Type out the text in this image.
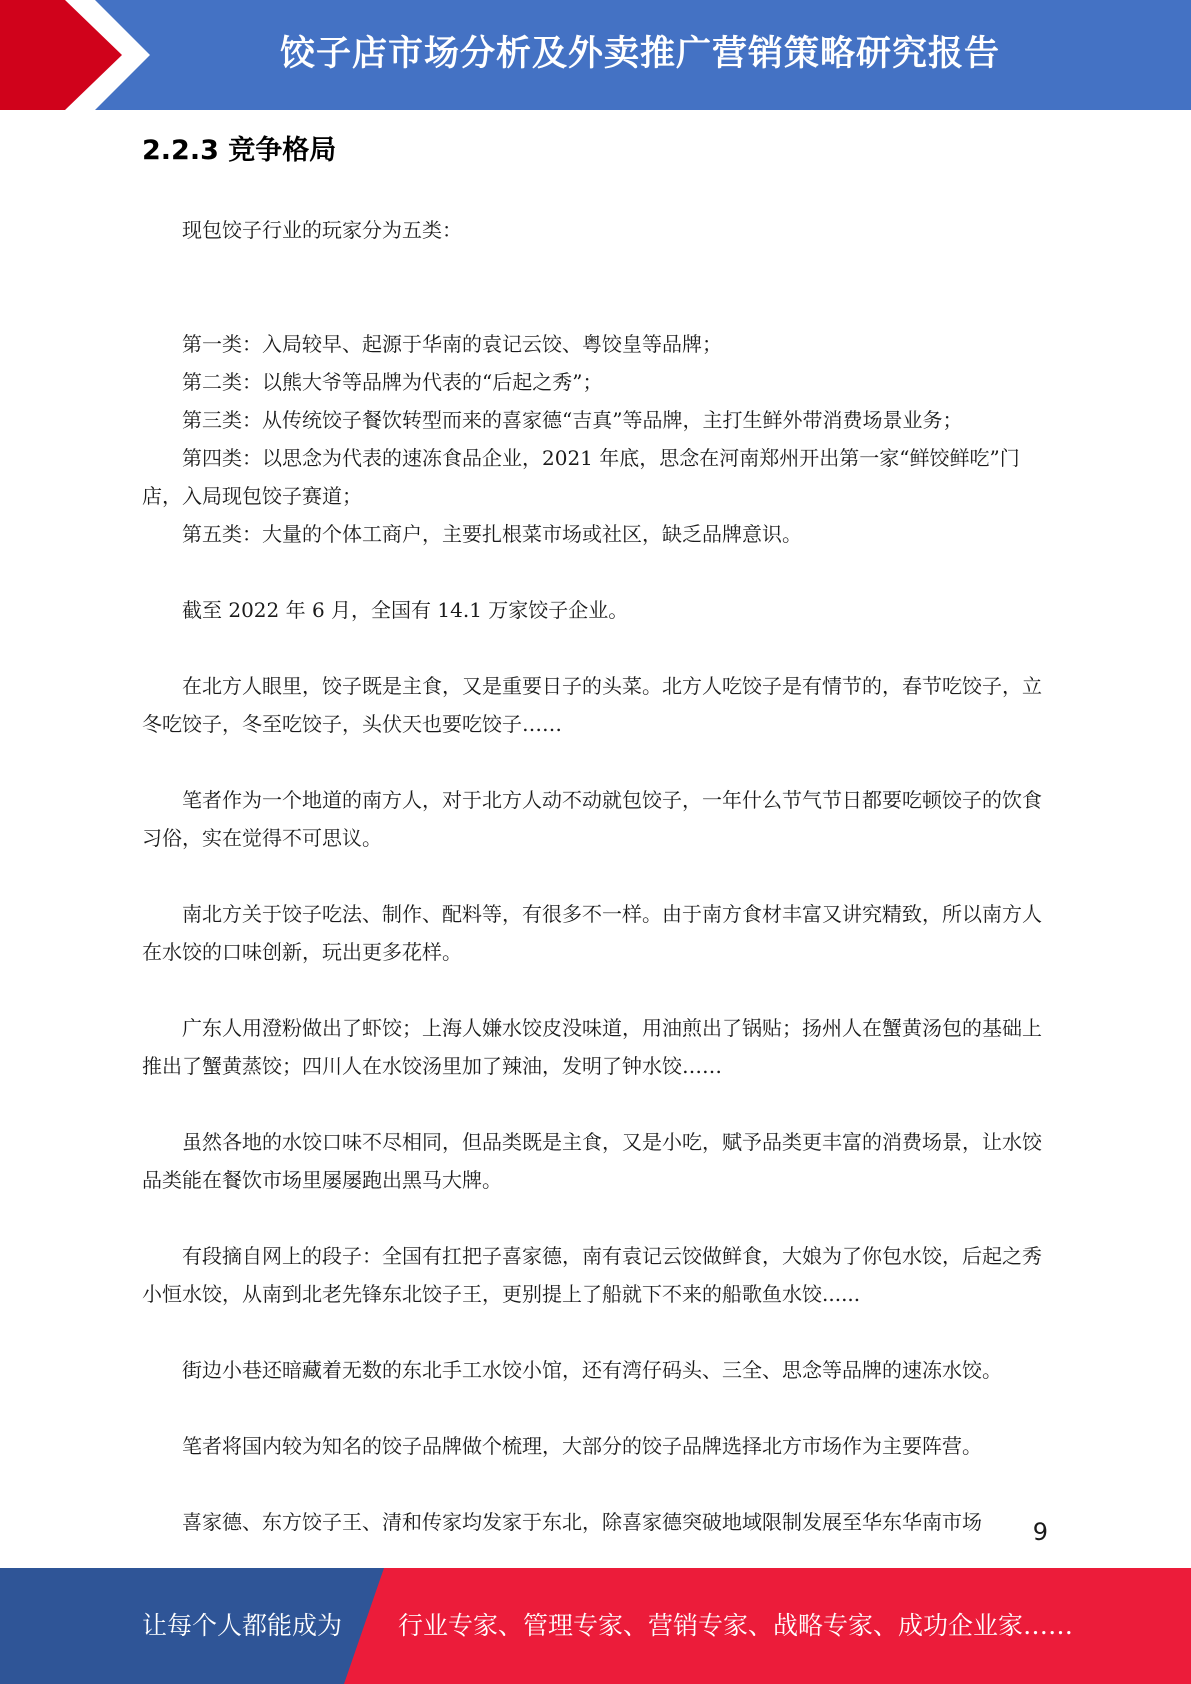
饺子店市场分析及外卖推广营销策略研究报告
2.2.3 竞争格局

现包饺子行业的玩家分为五类：

第一类：入局较早、起源于华南的袁记云饺、粤饺皇等品牌；

第二类：以熊大爷等品牌为代表的“后起之秀”；

第三类：从传统饺子餐饮转型而来的喜家德“吉真”等品牌，主打生鲜外带消费场景业务；

第四类：以思念为代表的速冻食品企业，2021 年底，思念在河南郑州开出第一家“鲜饺鲜吃”门店，入局现包饺子赛道；

第五类：大量的个体工商户，主要扎根菜市场或社区，缺乏品牌意识。

截至 2022 年 6 月，全国有 14.1 万家饺子企业。

在北方人眼里，饺子既是主食，又是重要日子的头菜。北方人吃饺子是有情节的，春节吃饺子，立冬吃饺子，冬至吃饺子，头伏天也要吃饺子……

笔者作为一个地道的南方人，对于北方人动不动就包饺子，一年什么节气节日都要吃顿饺子的饮食习俗，实在觉得不可思议。

南北方关于饺子吃法、制作、配料等，有很多不一样。由于南方食材丰富又讲究精致，所以南方人在水饺的口味创新，玩出更多花样。

广东人用澄粉做出了虾饺；上海人嫌水饺皮没味道，用油煎出了锅贴；扬州人在蟹黄汤包的基础上推出了蟹黄蒸饺；四川人在水饺汤里加了辣油，发明了钟水饺……

虽然各地的水饺口味不尽相同，但品类既是主食，又是小吃，赋予品类更丰富的消费场景，让水饺品类能在餐饮市场里屡屡跑出黑马大牌。

有段摘自网上的段子：全国有扛把子喜家德，南有袁记云饺做鲜食，大娘为了你包水饺，后起之秀小恒水饺，从南到北老先锋东北饺子王，更别提上了船就下不来的船歌鱼水饺......

街边小巷还暗藏着无数的东北手工水饺小馆，还有湾仔码头、三全、思念等品牌的速冻水饺。

笔者将国内较为知名的饺子品牌做个梳理，大部分的饺子品牌选择北方市场作为主要阵营。

喜家德、东方饺子王、清和传家均发家于东北，除喜家德突破地域限制发展至华东华南市场	9
让每个人都能成为 行业专家、管理专家、营销专家、战略专家、成功企业家……
